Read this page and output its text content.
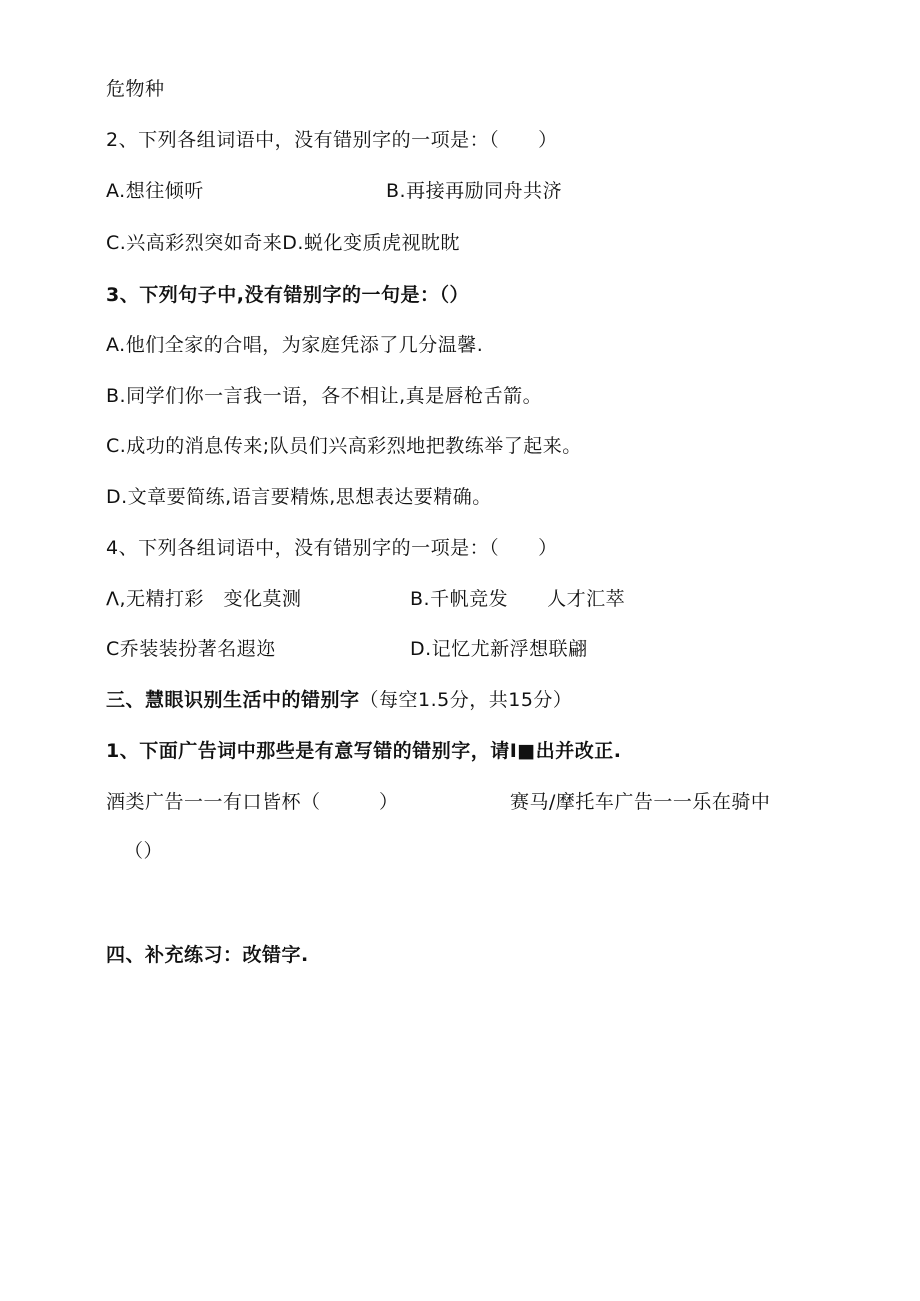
危物种
2、下列各组词语中，没有错别字的一项是：（　　）
A.想往倾听	B.再接再励同舟共济
C.兴高彩烈突如奇来D.蜕化变质虎视眈眈
3、下列句子中,没有错别字的一句是：（）
A.他们全家的合唱，为家庭凭添了几分温馨.
B.同学们你一言我一语，各不相让,真是唇枪舌箭。
C.成功的消息传来;队员们兴高彩烈地把教练举了起来。
D.文章要简练,语言要精炼,思想表达要精确。
4、下列各组词语中，没有错别字的一项是：（　　）
Λ,无精打彩　变化莫测	B.千帆竞发　　人才汇萃
C乔装装扮著名遐迩	D.记忆尤新浮想联翩
三、慧眼识别生活中的错别字（每空1.5分，共15分）
1、下面广告词中那些是有意写错的错别字，请I■出并改正.
酒类广告一一有口皆杯（　　　）	赛马/摩托车广告一一乐在骑中
（）
四、补充练习：改错字.
